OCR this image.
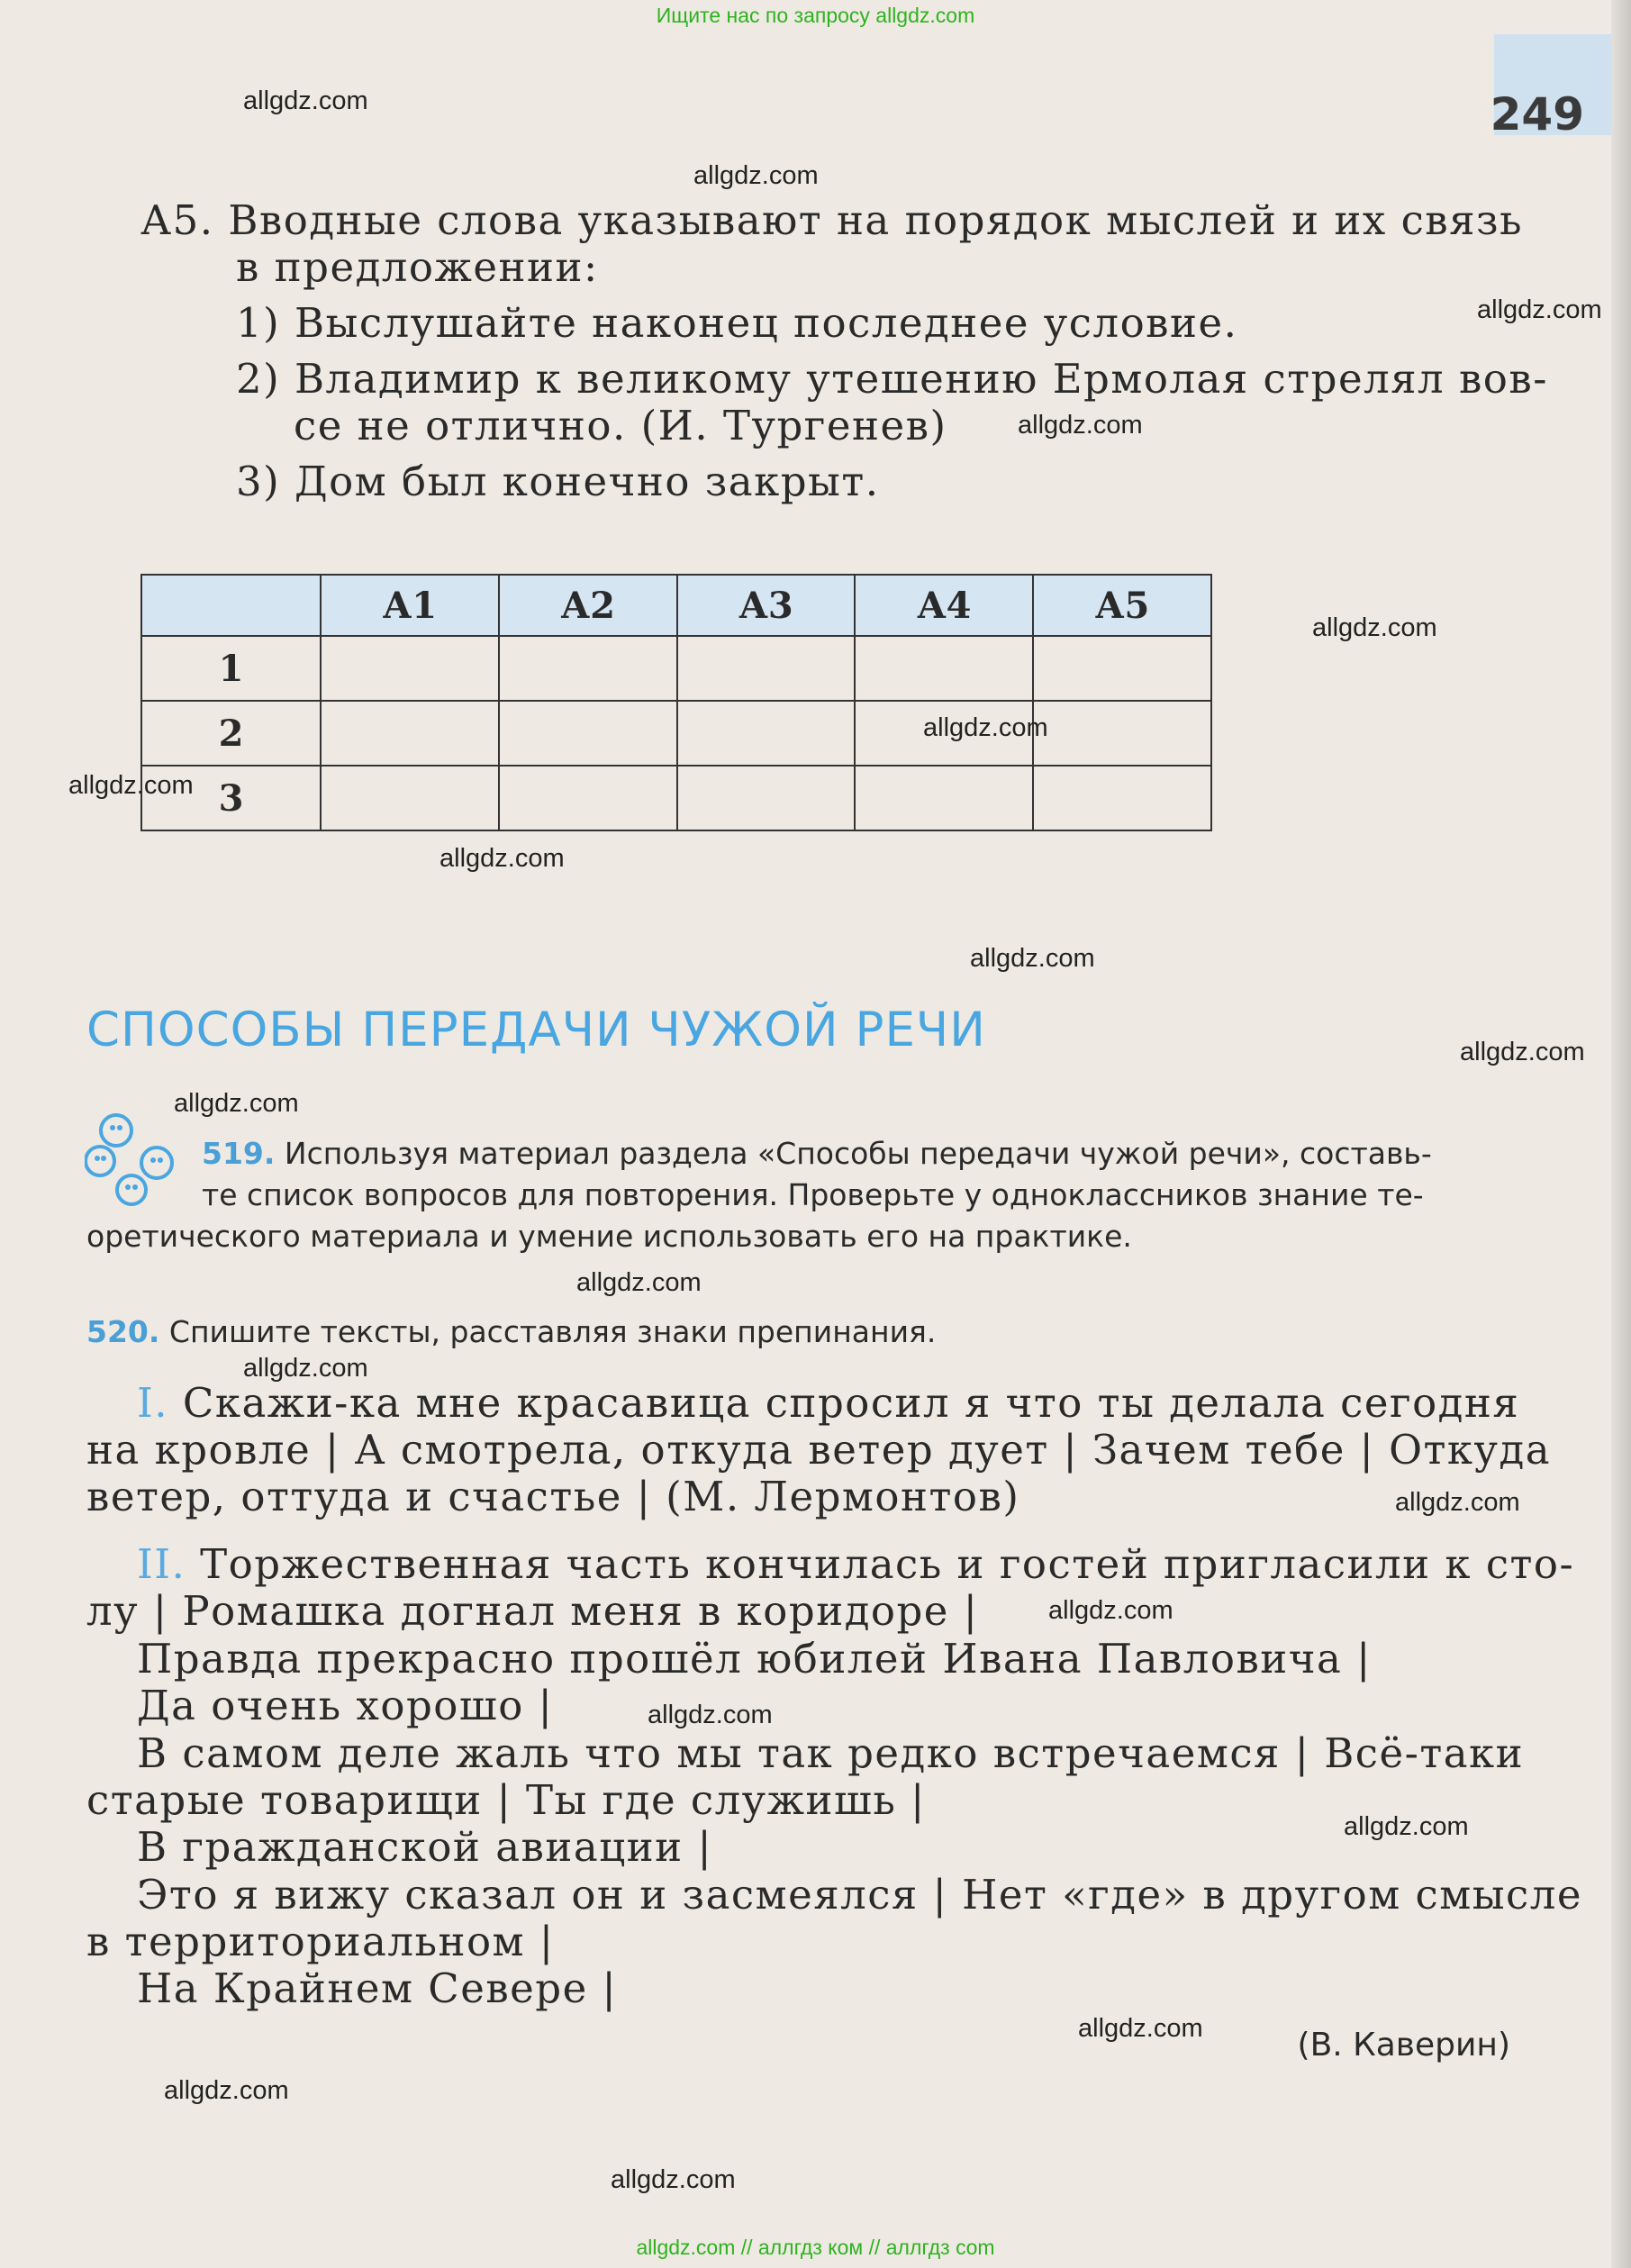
249
Ищите нас по запросу allgdz.com
allgdz.com // аллгдз ком // аллгдз com
А5. Вводные слова указывают на порядок мыслей и их связь
в предложении:
1) Выслушайте наконец последнее условие.
2) Владимир к великому утешению Ермолая стрелял вов-
се не отлично. (И. Тургенев)
3) Дом был конечно закрыт.
	А1	А2	А3	А4	А5
1					
2					
3					
СПОСОБЫ ПЕРЕДАЧИ ЧУЖОЙ РЕЧИ
519. Используя материал раздела «Способы передачи чужой речи», составь-
те список вопросов для повторения. Проверьте у одноклассников знание те-
оретического материала и умение использовать его на практике.
520. Спишите тексты, расставляя знаки препинания.
I. Скажи-ка мне красавица спросил я что ты делала сегодня
на кровле | А смотрела, откуда ветер дует | Зачем тебе | Откуда
ветер, оттуда и счастье | (М. Лермонтов)
II. Торжественная часть кончилась и гостей пригласили к сто-
лу | Ромашка догнал меня в коридоре |
Правда прекрасно прошёл юбилей Ивана Павловича |
Да очень хорошо |
В самом деле жаль что мы так редко встречаемся | Всё-таки
старые товарищи | Ты где служишь |
В гражданской авиации |
Это я вижу сказал он и засмеялся | Нет «где» в другом смысле
в территориальном |
На Крайнем Севере |
(В. Каверин)
allgdz.com
allgdz.com
allgdz.com
allgdz.com
allgdz.com
allgdz.com
allgdz.com
allgdz.com
allgdz.com
allgdz.com
allgdz.com
allgdz.com
allgdz.com
allgdz.com
allgdz.com
allgdz.com
allgdz.com
allgdz.com
allgdz.com
allgdz.com
